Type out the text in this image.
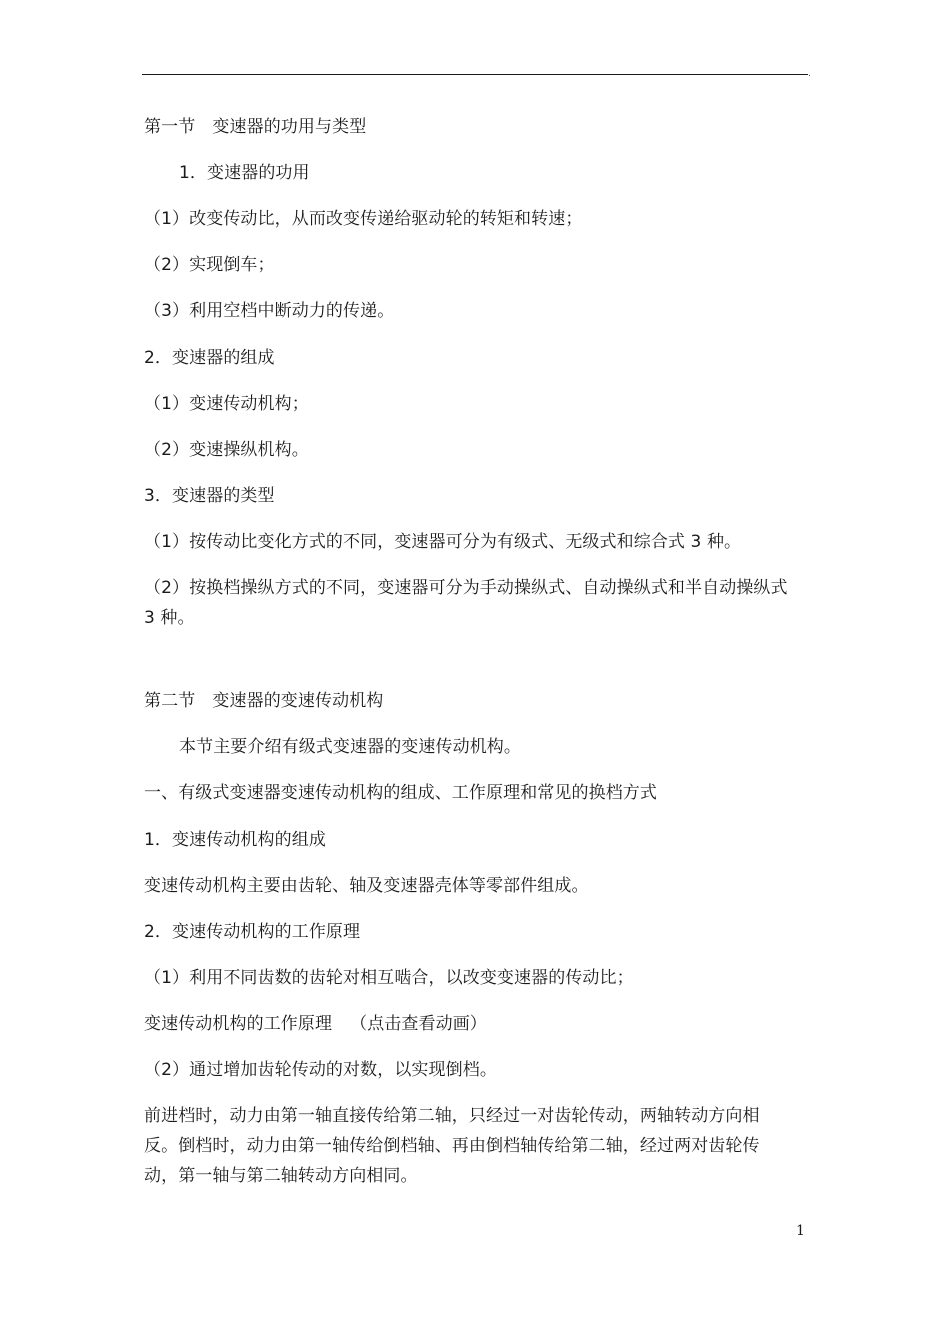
.
第一节　变速器的功用与类型
1．变速器的功用
（1）改变传动比，从而改变传递给驱动轮的转矩和转速；
（2）实现倒车；
（3）利用空档中断动力的传递。
2．变速器的组成
（1）变速传动机构；
（2）变速操纵机构。
3．变速器的类型
（1）按传动比变化方式的不同，变速器可分为有级式、无级式和综合式 3 种。
（2）按换档操纵方式的不同，变速器可分为手动操纵式、自动操纵式和半自动操纵式
3 种。
第二节　变速器的变速传动机构
本节主要介绍有级式变速器的变速传动机构。
一、有级式变速器变速传动机构的组成、工作原理和常见的换档方式
1．变速传动机构的组成
变速传动机构主要由齿轮、轴及变速器壳体等零部件组成。
2．变速传动机构的工作原理
（1）利用不同齿数的齿轮对相互啮合，以改变变速器的传动比；
变速传动机构的工作原理 （点击查看动画）
（2）通过增加齿轮传动的对数，以实现倒档。
前进档时，动力由第一轴直接传给第二轴，只经过一对齿轮传动，两轴转动方向相
反。倒档时，动力由第一轴传给倒档轴、再由倒档轴传给第二轴，经过两对齿轮传
动，第一轴与第二轴转动方向相同。
1
